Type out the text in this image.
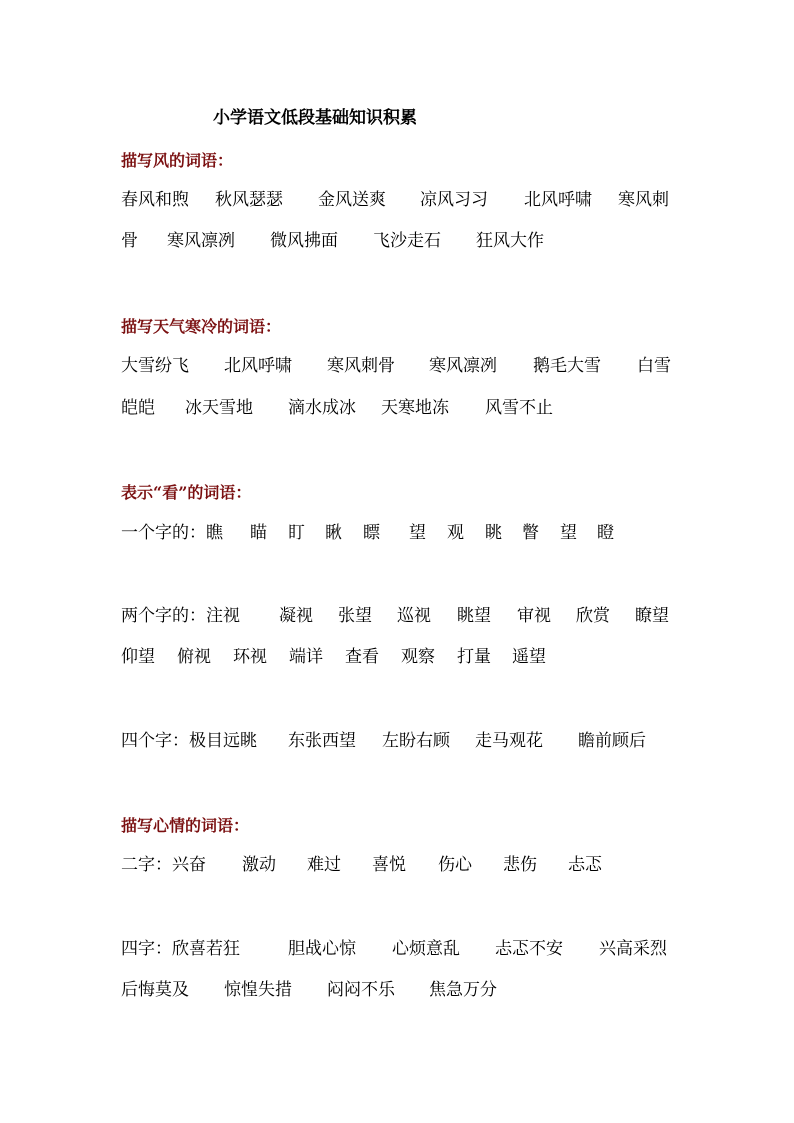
小学语文低段基础知识积累
描写风的词语：
春风和煦 秋风瑟瑟 金风送爽 凉风习习 北风呼啸 寒风刺
骨 寒风凛冽 微风拂面 飞沙走石 狂风大作
描写天气寒冷的词语：
大雪纷飞 北风呼啸 寒风刺骨 寒风凛冽 鹅毛大雪 白雪
皑皑 冰天雪地 滴水成冰 天寒地冻 风雪不止
表示“看”的词语：
一个字的：瞧 瞄 盯 瞅 瞟 望 观 眺 瞥 望 瞪
两个字的：注视 凝视 张望 巡视 眺望 审视 欣赏 瞭望
仰望 俯视 环视 端详 查看 观察 打量 遥望
四个字：极目远眺 东张西望 左盼右顾 走马观花 瞻前顾后
描写心情的词语：
二字：兴奋 激动 难过 喜悦 伤心 悲伤 忐忑
四字：欣喜若狂	胆战心惊 心烦意乱 忐忑不安 兴高采烈
后悔莫及 惊惶失措 闷闷不乐 焦急万分
